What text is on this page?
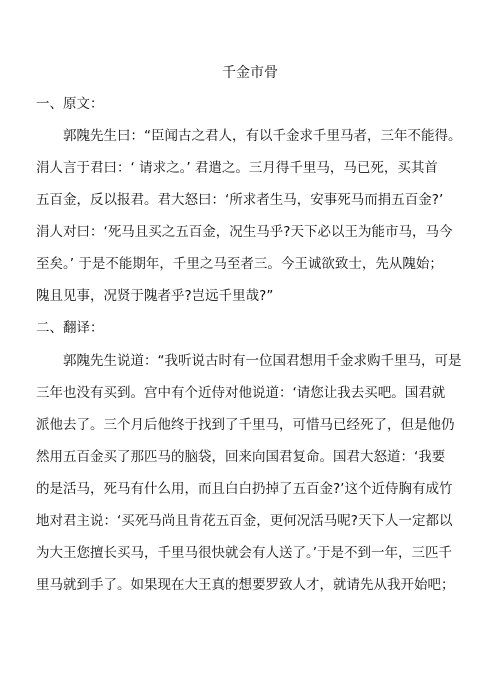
千金市骨
一、原文：
郭隗先生曰：“臣闻古之君人，有以千金求千里马者，三年不能得。
涓人言于君曰：‘ 请求之。’ 君遣之。三月得千里马，马已死，买其首
五百金，反以报君。君大怒曰：‘所求者生马，安事死马而捐五百金?’
涓人对曰：‘死马且买之五百金，况生马乎?天下必以王为能市马，马今
至矣。’ 于是不能期年，千里之马至者三。今王诚欲致士，先从隗始；
隗且见事，况贤于隗者乎?岂远千里哉?”
二、翻译：
郭隗先生说道：“我听说古时有一位国君想用千金求购千里马，可是
三年也没有买到。宫中有个近侍对他说道：‘请您让我去买吧。国君就
派他去了。三个月后他终于找到了千里马，可惜马已经死了，但是他仍
然用五百金买了那匹马的脑袋，回来向国君复命。国君大怒道：‘我要
的是活马，死马有什么用，而且白白扔掉了五百金?’这个近侍胸有成竹
地对君主说：‘买死马尚且肯花五百金，更何况活马呢?天下人一定都以
为大王您擅长买马，千里马很快就会有人送了。’于是不到一年，三匹千
里马就到手了。如果现在大王真的想要罗致人才，就请先从我开始吧；
